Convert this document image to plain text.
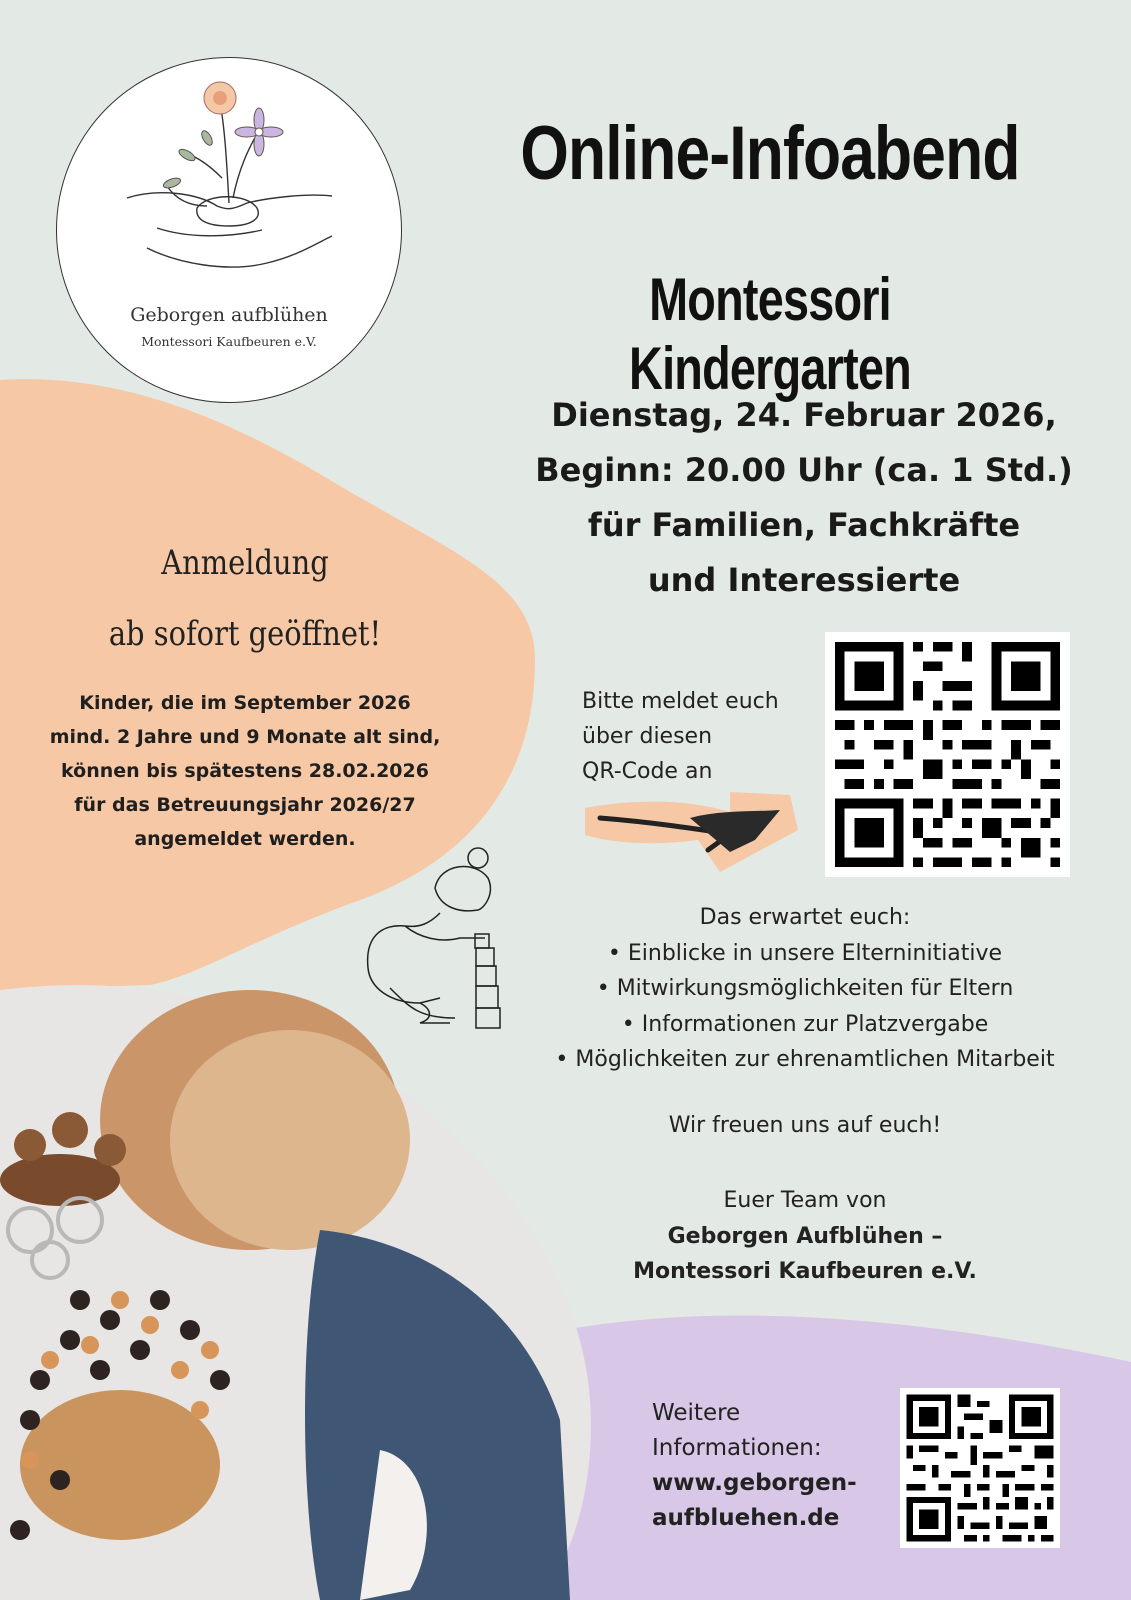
Geborgen aufblühen
Montessori Kaufbeuren e.V.
Online-Infoabend
Montessori Kindergarten
Dienstag, 24. Februar 2026,
Beginn: 20.00 Uhr (ca. 1 Std.)
für Familien, Fachkräfte
und Interessierte
Anmeldung
ab sofort geöffnet!
Kinder, die im September 2026
mind. 2 Jahre und 9 Monate alt sind,
können bis spätestens 28.02.2026
für das Betreuungsjahr 2026/27
angemeldet werden.
Bitte meldet euch
über diesen
QR-Code an
Das erwartet euch:
• Einblicke in unsere Elterninitiative
• Mitwirkungsmöglichkeiten für Eltern
• Informationen zur Platzvergabe
• Möglichkeiten zur ehrenamtlichen Mitarbeit
Wir freuen uns auf euch!
Euer Team von
Geborgen Aufblühen –
Montessori Kaufbeuren e.V.
Weitere
Informationen:
www.geborgen-
aufbluehen.de
